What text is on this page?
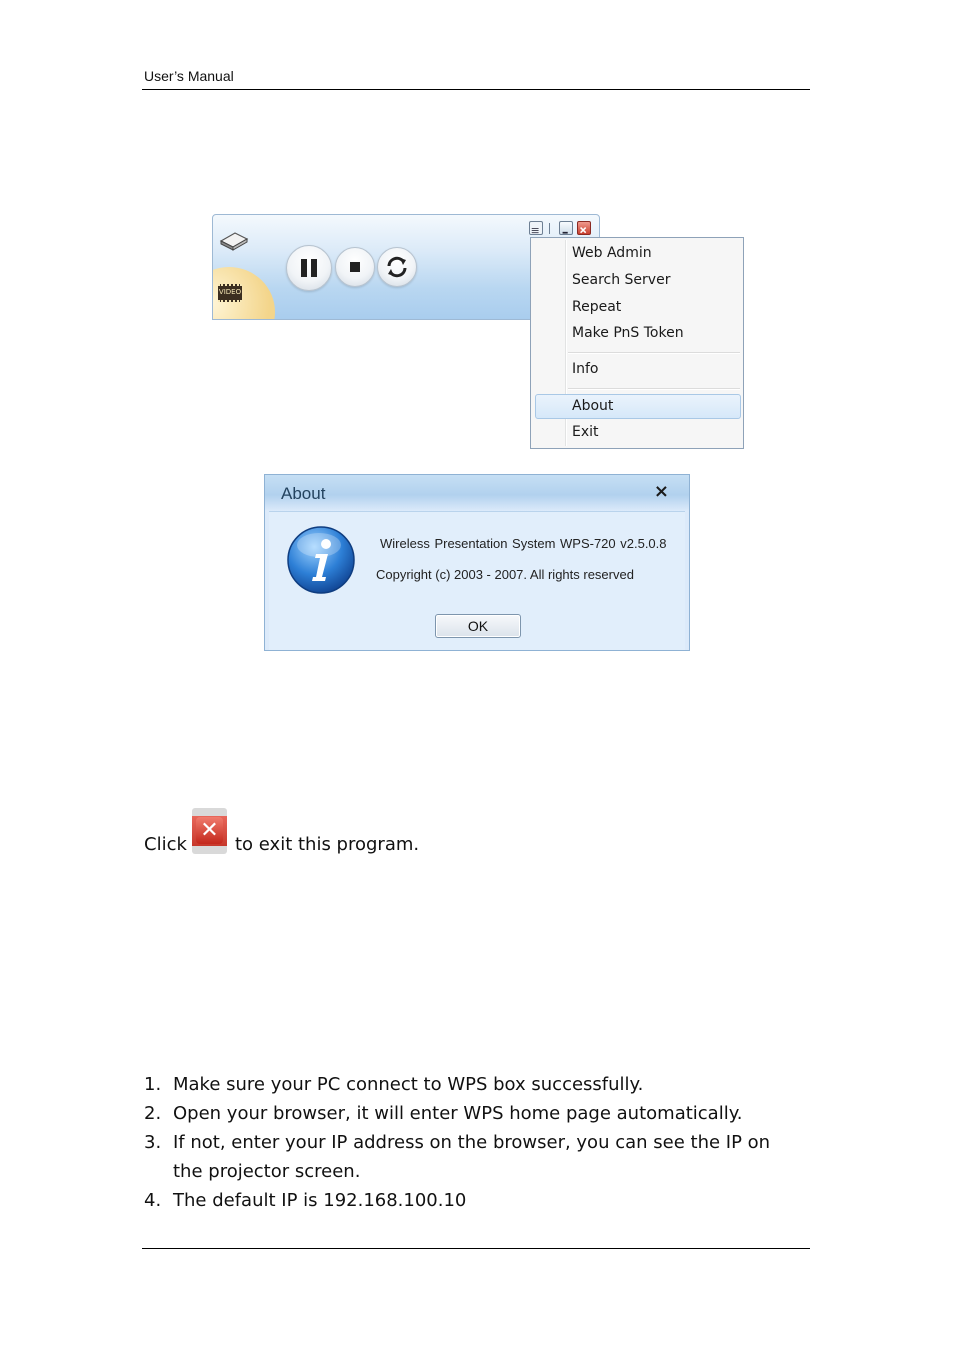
User’s Manual
VIDEO
Web Admin
Search Server
Repeat
Make PnS Token
Info
About
Exit
About	×
Wireless Presentation System WPS-720 v2.5.0.8
Copyright (c) 2003 - 2007. All rights reserved
OK
Click
✕
to exit this program.
1. Make sure your PC connect to WPS box successfully.
2. Open your browser, it will enter WPS home page automatically.
3. If not, enter your IP address on the browser, you can see the IP on the projector screen.
4. The default IP is 192.168.100.10
